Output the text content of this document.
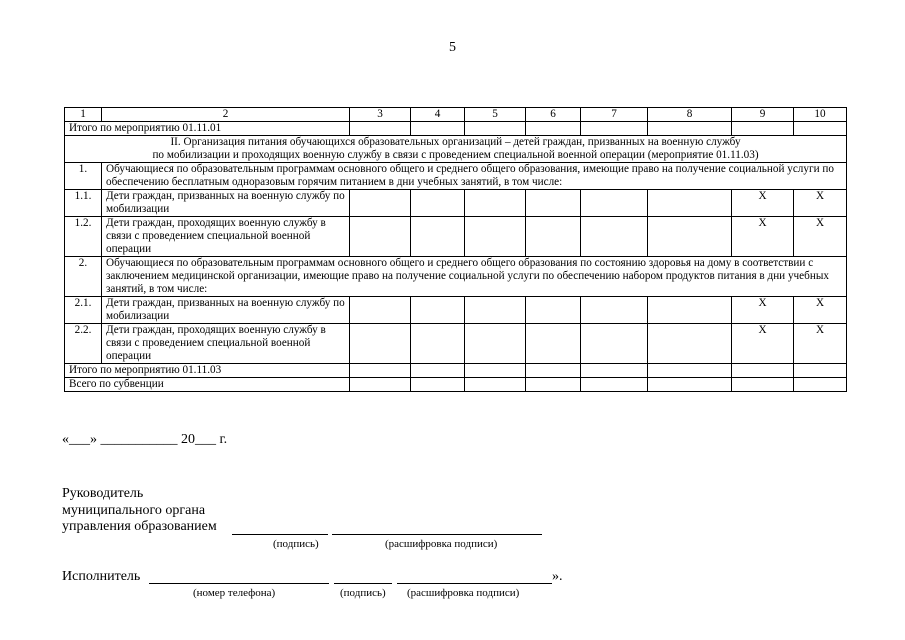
5
1	2	3	4	5	6	7	8	9	10
Итого по мероприятию 01.11.01									

II. Организация питания обучающихся образовательных организаций – детей граждан, призванных на военную службу
по мобилизации и проходящих военную службу в связи с проведением специальной военной операции (мероприятие 01.11.03)									

1.	Обучающиеся по образовательным программам основного общего и среднего общего образования, имеющие право на получение социальной услуги по обеспечению бесплатным одноразовым горячим питанием в дни учебных занятий, в том числе:								
1.1.	Дети граждан, призванных на военную службу по мобилизации							X	X
1.2.	Дети граждан, проходящих военную службу в связи с проведением специальной военной операции							X	X
2.	Обучающиеся по образовательным программам основного общего и среднего общего образования по состоянию здоровья на дому в соответствии с заключением медицинской организации, имеющие право на получение социальной услуги по обеспечению набором продуктов питания в дни учебных занятий, в том числе:								
2.1.	Дети граждан, призванных на военную службу по мобилизации							X	X
2.2.	Дети граждан, проходящих военную службу в связи с проведением специальной военной операции							X	X
Итого по мероприятию 01.11.03									
Всего по субвенции									
«___» ___________ 20___ г.
Руководитель
муниципального органа
управления образованием
(подпись)	(расшифровка подписи)
Исполнитель	».
(номер телефона)	(подпись) (расшифровка подписи)
